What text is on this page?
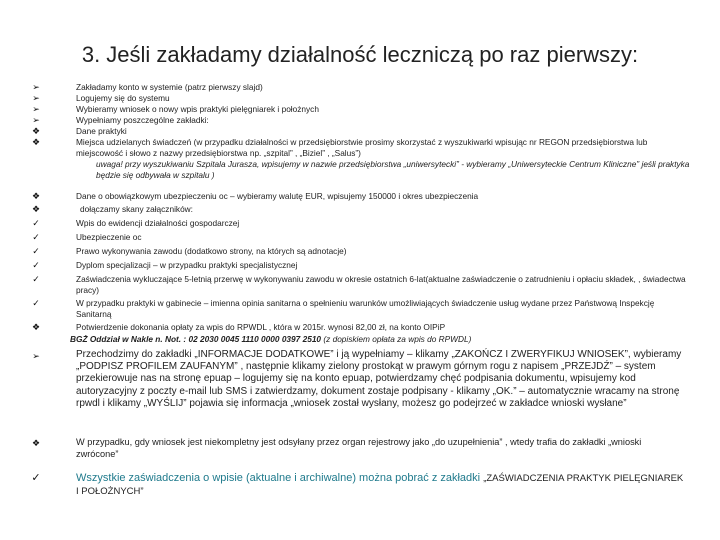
3. Jeśli zakładamy działalność leczniczą po raz pierwszy:
➢	Zakładamy konto w systemie (patrz pierwszy slajd)
➢	Logujemy się do systemu
➢	Wybieramy wniosek o nowy wpis praktyki pielęgniarek i położnych
➢	Wypełniamy poszczególne zakładki:
❖	Dane praktyki
❖	Miejsca udzielanych świadczeń (w przypadku działalności w przedsiębiorstwie prosimy skorzystać z wyszukiwarki wpisując nr REGON przedsiębiorstwa lub miejscowość i słowo z nazwy przedsiębiorstwa np. „szpital” , „Biziel” , „Salus”)
uwaga! przy wyszukiwaniu Szpitala Jurasza, wpisujemy w nazwie przedsiębiorstwa „uniwersytecki” - wybieramy „Uniwersyteckie Centrum Kliniczne” jeśli praktyka będzie się odbywała w szpitalu )
❖	Dane o obowiązkowym ubezpieczeniu oc – wybieramy walutę EUR, wpisujemy 150000 i okres ubezpieczenia
❖	dołączamy skany załączników:
✓	Wpis do ewidencji działalności gospodarczej
✓	Ubezpieczenie oc
✓	Prawo wykonywania zawodu (dodatkowo strony, na których są adnotacje)
✓	Dyplom specjalizacji – w przypadku praktyki specjalistycznej
✓	Zaświadczenia wykluczające 5-letnią przerwę w wykonywaniu zawodu w okresie ostatnich 6-lat(aktualne zaświadczenie o zatrudnieniu i opłaciu składek, , świadectwa pracy)
✓	W przypadku praktyki w gabinecie – imienna opinia sanitarna o spełnieniu warunków umożliwiających świadczenie usług wydane przez Państwową Inspekcję Sanitarną
❖	Potwierdzenie dokonania opłaty za wpis do RPWDL , która w 2015r. wynosi 82,00 zł, na konto OIPiP
BGŻ Oddział w Nakle n. Not. : 02 2030 0045 1110 0000 0397 2510 (z dopiskiem opłata za wpis do RPWDL)
➢	Przechodzimy do zakładki „INFORMACJE DODATKOWE” i ją wypełniamy – klikamy „ZAKOŃCZ I ZWERYFIKUJ WNIOSEK”, wybieramy „PODPISZ PROFILEM ZAUFANYM” , następnie klikamy zielony prostokąt w prawym górnym rogu z napisem „PRZEJDŹ” – system przekierowuje nas na stronę epuap – logujemy się na konto epuap, potwierdzamy chęć podpisania dokumentu, wpisujemy kod autoryzacyjny z poczty e-mail lub SMS i zatwierdzamy, dokument zostaje podpisany - klikamy „OK.” – automatycznie wracamy na stronę rpwdl i klikamy „WYŚLIJ” pojawia się informacja „wniosek został wysłany, możesz go podejrzeć w zakładce wnioski wysłane”
❖	W przypadku, gdy wniosek jest niekompletny jest odsyłany przez organ rejestrowy jako „do uzupełnienia” , wtedy trafia do zakładki „wnioski zwrócone”
✓	Wszystkie zaświadczenia o wpisie (aktualne i archiwalne) można pobrać z zakładki „ZAŚWIADCZENIA PRAKTYK PIELĘGNIAREK I POŁOŻNYCH”
